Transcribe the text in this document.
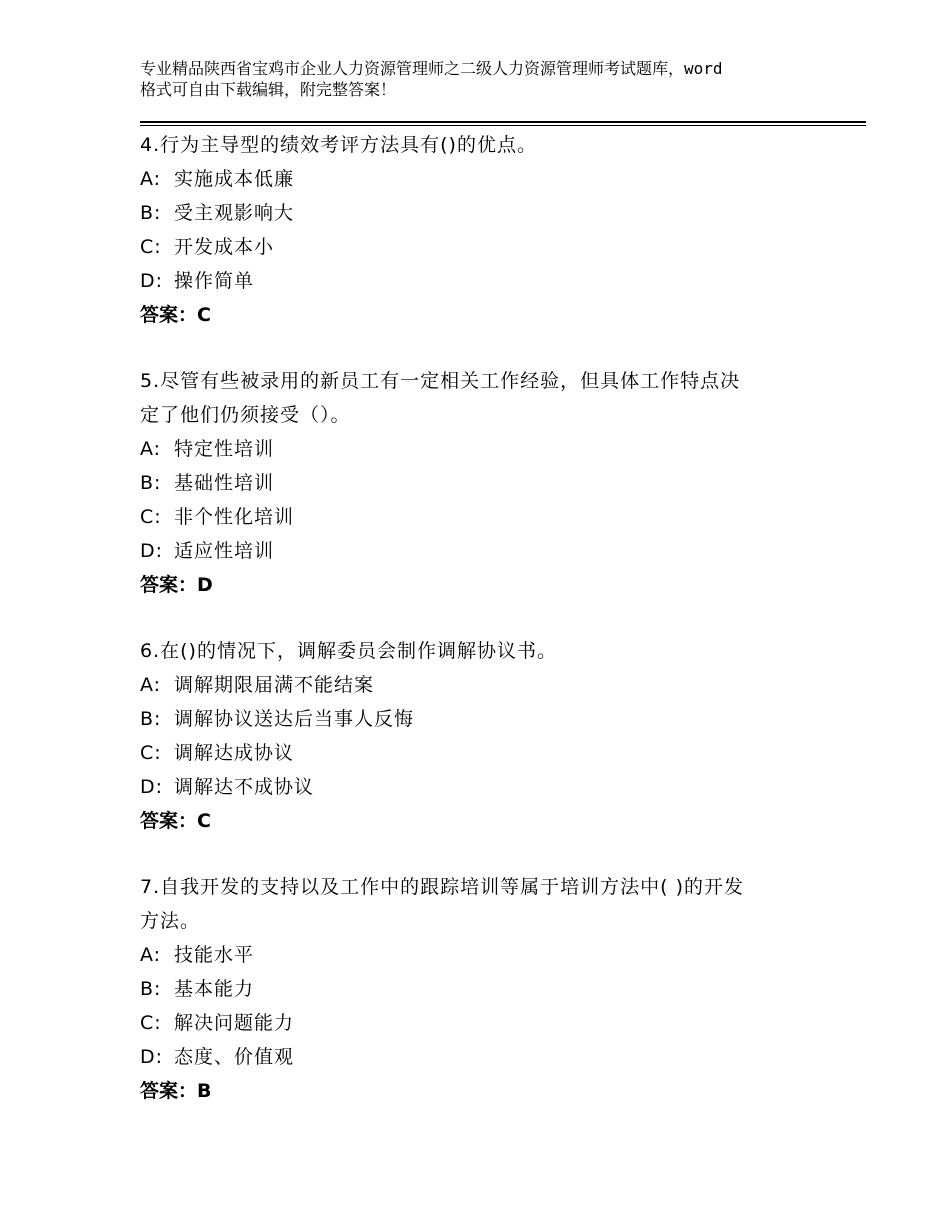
专业精品陕西省宝鸡市企业人力资源管理师之二级人力资源管理师考试题库，word
格式可自由下载编辑，附完整答案！
4.行为主导型的绩效考评方法具有()的优点。
A: 实施成本低廉
B: 受主观影响大
C: 开发成本小
D: 操作简单
答案：C
5.尽管有些被录用的新员工有一定相关工作经验，但具体工作特点决
定了他们仍须接受（）。
A: 特定性培训
B: 基础性培训
C: 非个性化培训
D: 适应性培训
答案：D
6.在()的情况下，调解委员会制作调解协议书。
A: 调解期限届满不能结案
B: 调解协议送达后当事人反悔
C: 调解达成协议
D: 调解达不成协议
答案：C
7.自我开发的支持以及工作中的跟踪培训等属于培训方法中( )的开发
方法。
A: 技能水平
B: 基本能力
C: 解决问题能力
D: 态度、价值观
答案：B
